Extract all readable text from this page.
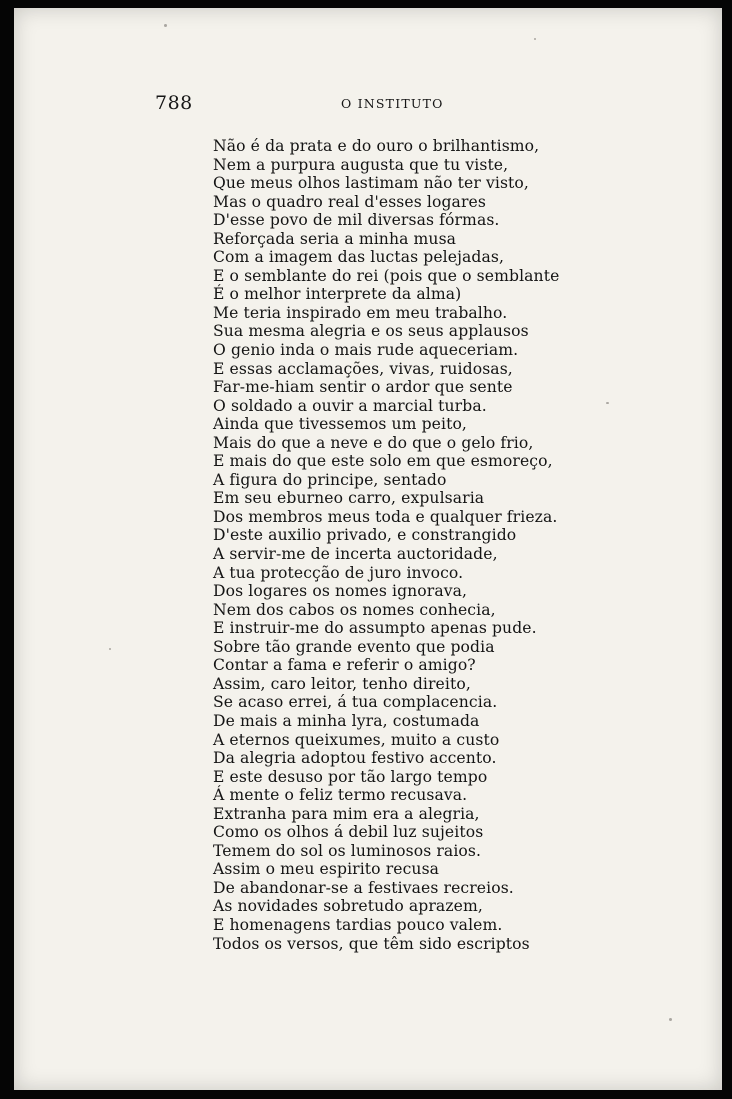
788	O INSTITUTO
Não é da prata e do ouro o brilhantismo,
Nem a purpura augusta que tu viste,
Que meus olhos lastimam não ter visto,
Mas o quadro real d'esses logares
D'esse povo de mil diversas fórmas.
Reforçada seria a minha musa
Com a imagem das luctas pelejadas,
E o semblante do rei (pois que o semblante
É o melhor interprete da alma)
Me teria inspirado em meu trabalho.
Sua mesma alegria e os seus applausos
O genio inda o mais rude aqueceriam.
E essas acclamações, vivas, ruidosas,
Far-me-hiam sentir o ardor que sente
O soldado a ouvir a marcial turba.
Ainda que tivessemos um peito,
Mais do que a neve e do que o gelo frio,
E mais do que este solo em que esmoreço,
A figura do principe, sentado
Em seu eburneo carro, expulsaria
Dos membros meus toda e qualquer frieza.
D'este auxilio privado, e constrangido
A servir-me de incerta auctoridade,
A tua protecção de juro invoco.
Dos logares os nomes ignorava,
Nem dos cabos os nomes conhecia,
E instruir-me do assumpto apenas pude.
Sobre tão grande evento que podia
Contar a fama e referir o amigo?
Assim, caro leitor, tenho direito,
Se acaso errei, á tua complacencia.
De mais a minha lyra, costumada
A eternos queixumes, muito a custo
Da alegria adoptou festivo accento.
E este desuso por tão largo tempo
Á mente o feliz termo recusava.
Extranha para mim era a alegria,
Como os olhos á debil luz sujeitos
Temem do sol os luminosos raios.
Assim o meu espirito recusa
De abandonar-se a festivaes recreios.
As novidades sobretudo aprazem,
E homenagens tardias pouco valem.
Todos os versos, que têm sido escriptos
